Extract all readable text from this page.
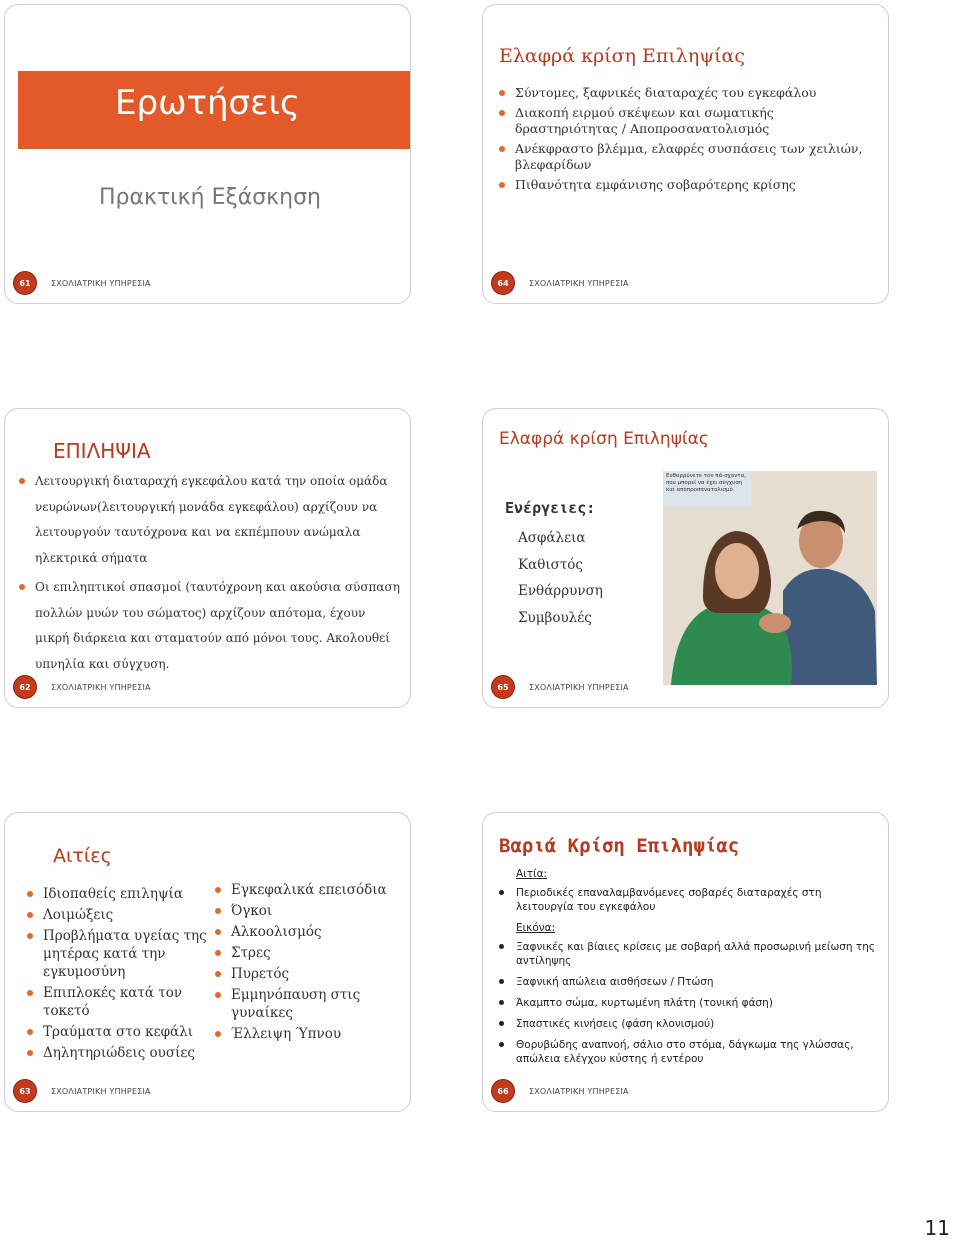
Ερωτήσεις
Πρακτική Εξάσκηση
61	ΣΧΟΛΙΑΤΡΙΚΗ ΥΠΗΡΕΣΙΑ
Ελαφρά κρίση Επιληψίας
Σύντομες, ξαφνικές διαταραχές του εγκεφάλου
Διακοπή ειρμού σκέψεων και σωματικής δραστηριότητας / Αποπροσανατολισμός
Ανέκφραστο βλέμμα, ελαφρές συσπάσεις των χειλιών, βλεφαρίδων
Πιθανότητα εμφάνισης σοβαρότερης κρίσης
64	ΣΧΟΛΙΑΤΡΙΚΗ ΥΠΗΡΕΣΙΑ
ΕΠΙΛΗΨΙΑ
Λειτουργική διαταραχή εγκεφάλου κατά την οποία ομάδα νευρώνων(λειτουργική μονάδα εγκεφάλου) αρχίζουν να λειτουργούν ταυτόχρονα και να εκπέμπουν ανώμαλα ηλεκτρικά σήματα
Οι επιληπτικοί σπασμοί (ταυτόχρονη και ακούσια σύσπαση πολλών μυών του σώματος) αρχίζουν απότομα, έχουν μικρή διάρκεια και σταματούν από μόνοι τους. Ακολουθεί υπνηλία και σύγχυση.
62	ΣΧΟΛΙΑΤΡΙΚΗ ΥΠΗΡΕΣΙΑ
Ελαφρά κρίση Επιληψίας
Ενέργειες:
Ασφάλεια
Καθιστός
Ενθάρρυνση
Συμβουλές
Ενθαρρύνετε τον πά-σχοντα, που μπορεί να έχει σύγχυση και αποπροσανατολισμό
65	ΣΧΟΛΙΑΤΡΙΚΗ ΥΠΗΡΕΣΙΑ
Αιτίες
Ιδιοπαθείς επιληψία
Λοιμώξεις
Προβλήματα υγείας της μητέρας κατά την εγκυμοσύνη
Επιπλοκές κατά τον τοκετό
Τραύματα στο κεφάλι
Δηλητηριώδεις ουσίες
Εγκεφαλικά επεισόδια
Όγκοι
Αλκοολισμός
Στρες
Πυρετός
Εμμηνόπαυση στις γυναίκες
Έλλειψη Ύπνου
63	ΣΧΟΛΙΑΤΡΙΚΗ ΥΠΗΡΕΣΙΑ
Βαριά Κρίση Επιληψίας
Αιτία:
Περιοδικές επαναλαμβανόμενες σοβαρές διαταραχές στη λειτουργία του εγκεφάλου
Εικόνα:
Ξαφνικές και βίαιες κρίσεις με σοβαρή αλλά προσωρινή μείωση της αντίληψης
Ξαφνική απώλεια αισθήσεων / Πτώση
Άκαμπτο σώμα, κυρτωμένη πλάτη (τονική φάση)
Σπαστικές κινήσεις (φάση κλονισμού)
Θορυβώδης αναπνοή, σάλιο στο στόμα, δάγκωμα της γλώσσας, απώλεια ελέγχου κύστης ή εντέρου
66	ΣΧΟΛΙΑΤΡΙΚΗ ΥΠΗΡΕΣΙΑ
11
